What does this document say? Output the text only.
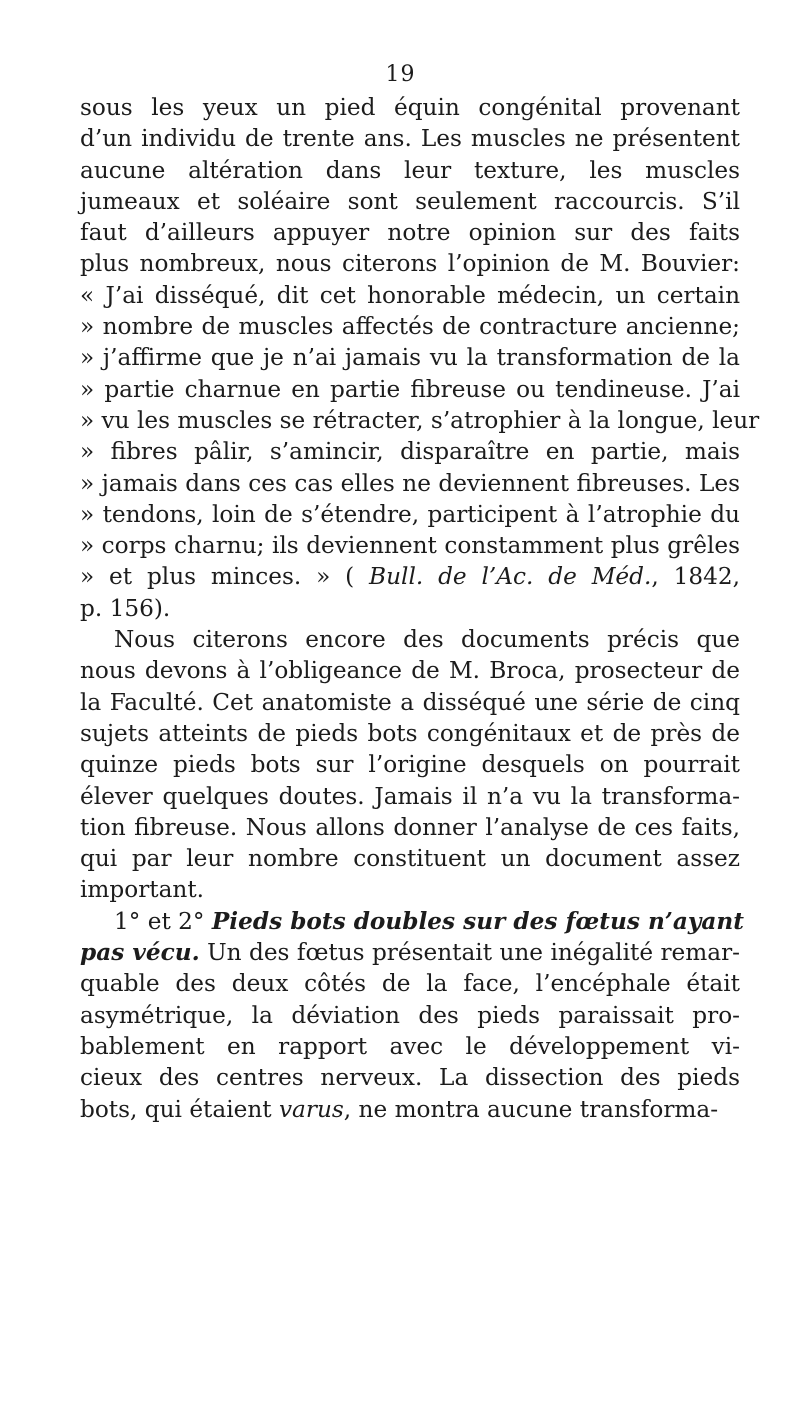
19
sous les yeux un pied équin congénital provenant
d’un individu de trente ans. Les muscles ne présentent
aucune altération dans leur texture, les muscles
jumeaux et soléaire sont seulement raccourcis. S’il
faut d’ailleurs appuyer notre opinion sur des faits
plus nombreux, nous citerons l’opinion de M. Bouvier:
« J’ai disséqué, dit cet honorable médecin, un certain
» nombre de muscles affectés de contracture ancienne;
» j’affirme que je n’ai jamais vu la transformation de la
» partie charnue en partie fibreuse ou tendineuse. J’ai
» vu les muscles se rétracter, s’atrophier à la longue, leur
» fibres pâlir, s’amincir, disparaître en partie, mais
» jamais dans ces cas elles ne deviennent fibreuses. Les
» tendons, loin de s’étendre, participent à l’atrophie du
» corps charnu; ils deviennent constamment plus grêles
» et plus minces. » ( Bull. de l’Ac. de Méd., 1842,
p. 156).
Nous citerons encore des documents précis que
nous devons à l’obligeance de M. Broca, prosecteur de
la Faculté. Cet anatomiste a disséqué une série de cinq
sujets atteints de pieds bots congénitaux et de près de
quinze pieds bots sur l’origine desquels on pourrait
élever quelques doutes. Jamais il n’a vu la transforma-
tion fibreuse. Nous allons donner l’analyse de ces faits,
qui par leur nombre constituent un document assez
important.
1° et 2° Pieds bots doubles sur des fœtus n’ayant
pas vécu. Un des fœtus présentait une inégalité remar-
quable des deux côtés de la face, l’encéphale était
asymétrique, la déviation des pieds paraissait pro-
bablement en rapport avec le développement vi-
cieux des centres nerveux. La dissection des pieds
bots, qui étaient varus, ne montra aucune transforma-
